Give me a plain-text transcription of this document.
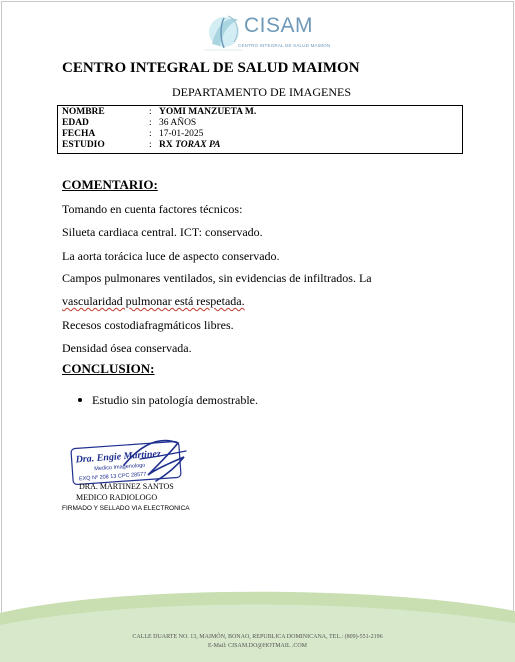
CISAM
CENTRO INTEGRAL DE SALUD MAIMON
CENTRO INTEGRAL DE SALUD MAIMON
DEPARTAMENTO DE IMAGENES
NOMBRE	: YOMI MANZUETA M.
EDAD	: 36 AÑOS
FECHA	: 17-01-2025
ESTUDIO	: RX TORAX PA
COMENTARIO:
Tomando en cuenta factores técnicos:
Silueta cardiaca central. ICT: conservado.
La aorta torácica luce de aspecto conservado.
Campos pulmonares ventilados, sin evidencias de infiltrados. La
vascularidad pulmonar está respetada.
Recesos costodiafragmáticos libres.
Densidad ósea conservada.
CONCLUSION:
Estudio sin patología demostrable.
Dra. Engie Martinez
Medico Imagenologo
EXQ Nº 208 13 CPC 28577
DRA. MARTINEZ SANTOS
MEDICO RADIOLOGO
FIRMADO Y SELLADO VIA ELECTRONICA
CALLE DUARTE NO. 13, MAIMÓN, BONAO, REPUBLICA DOMINICANA, TEL.: (809)-551-2196
E-Mail: CISAM.DO@HOTMAIL .COM
